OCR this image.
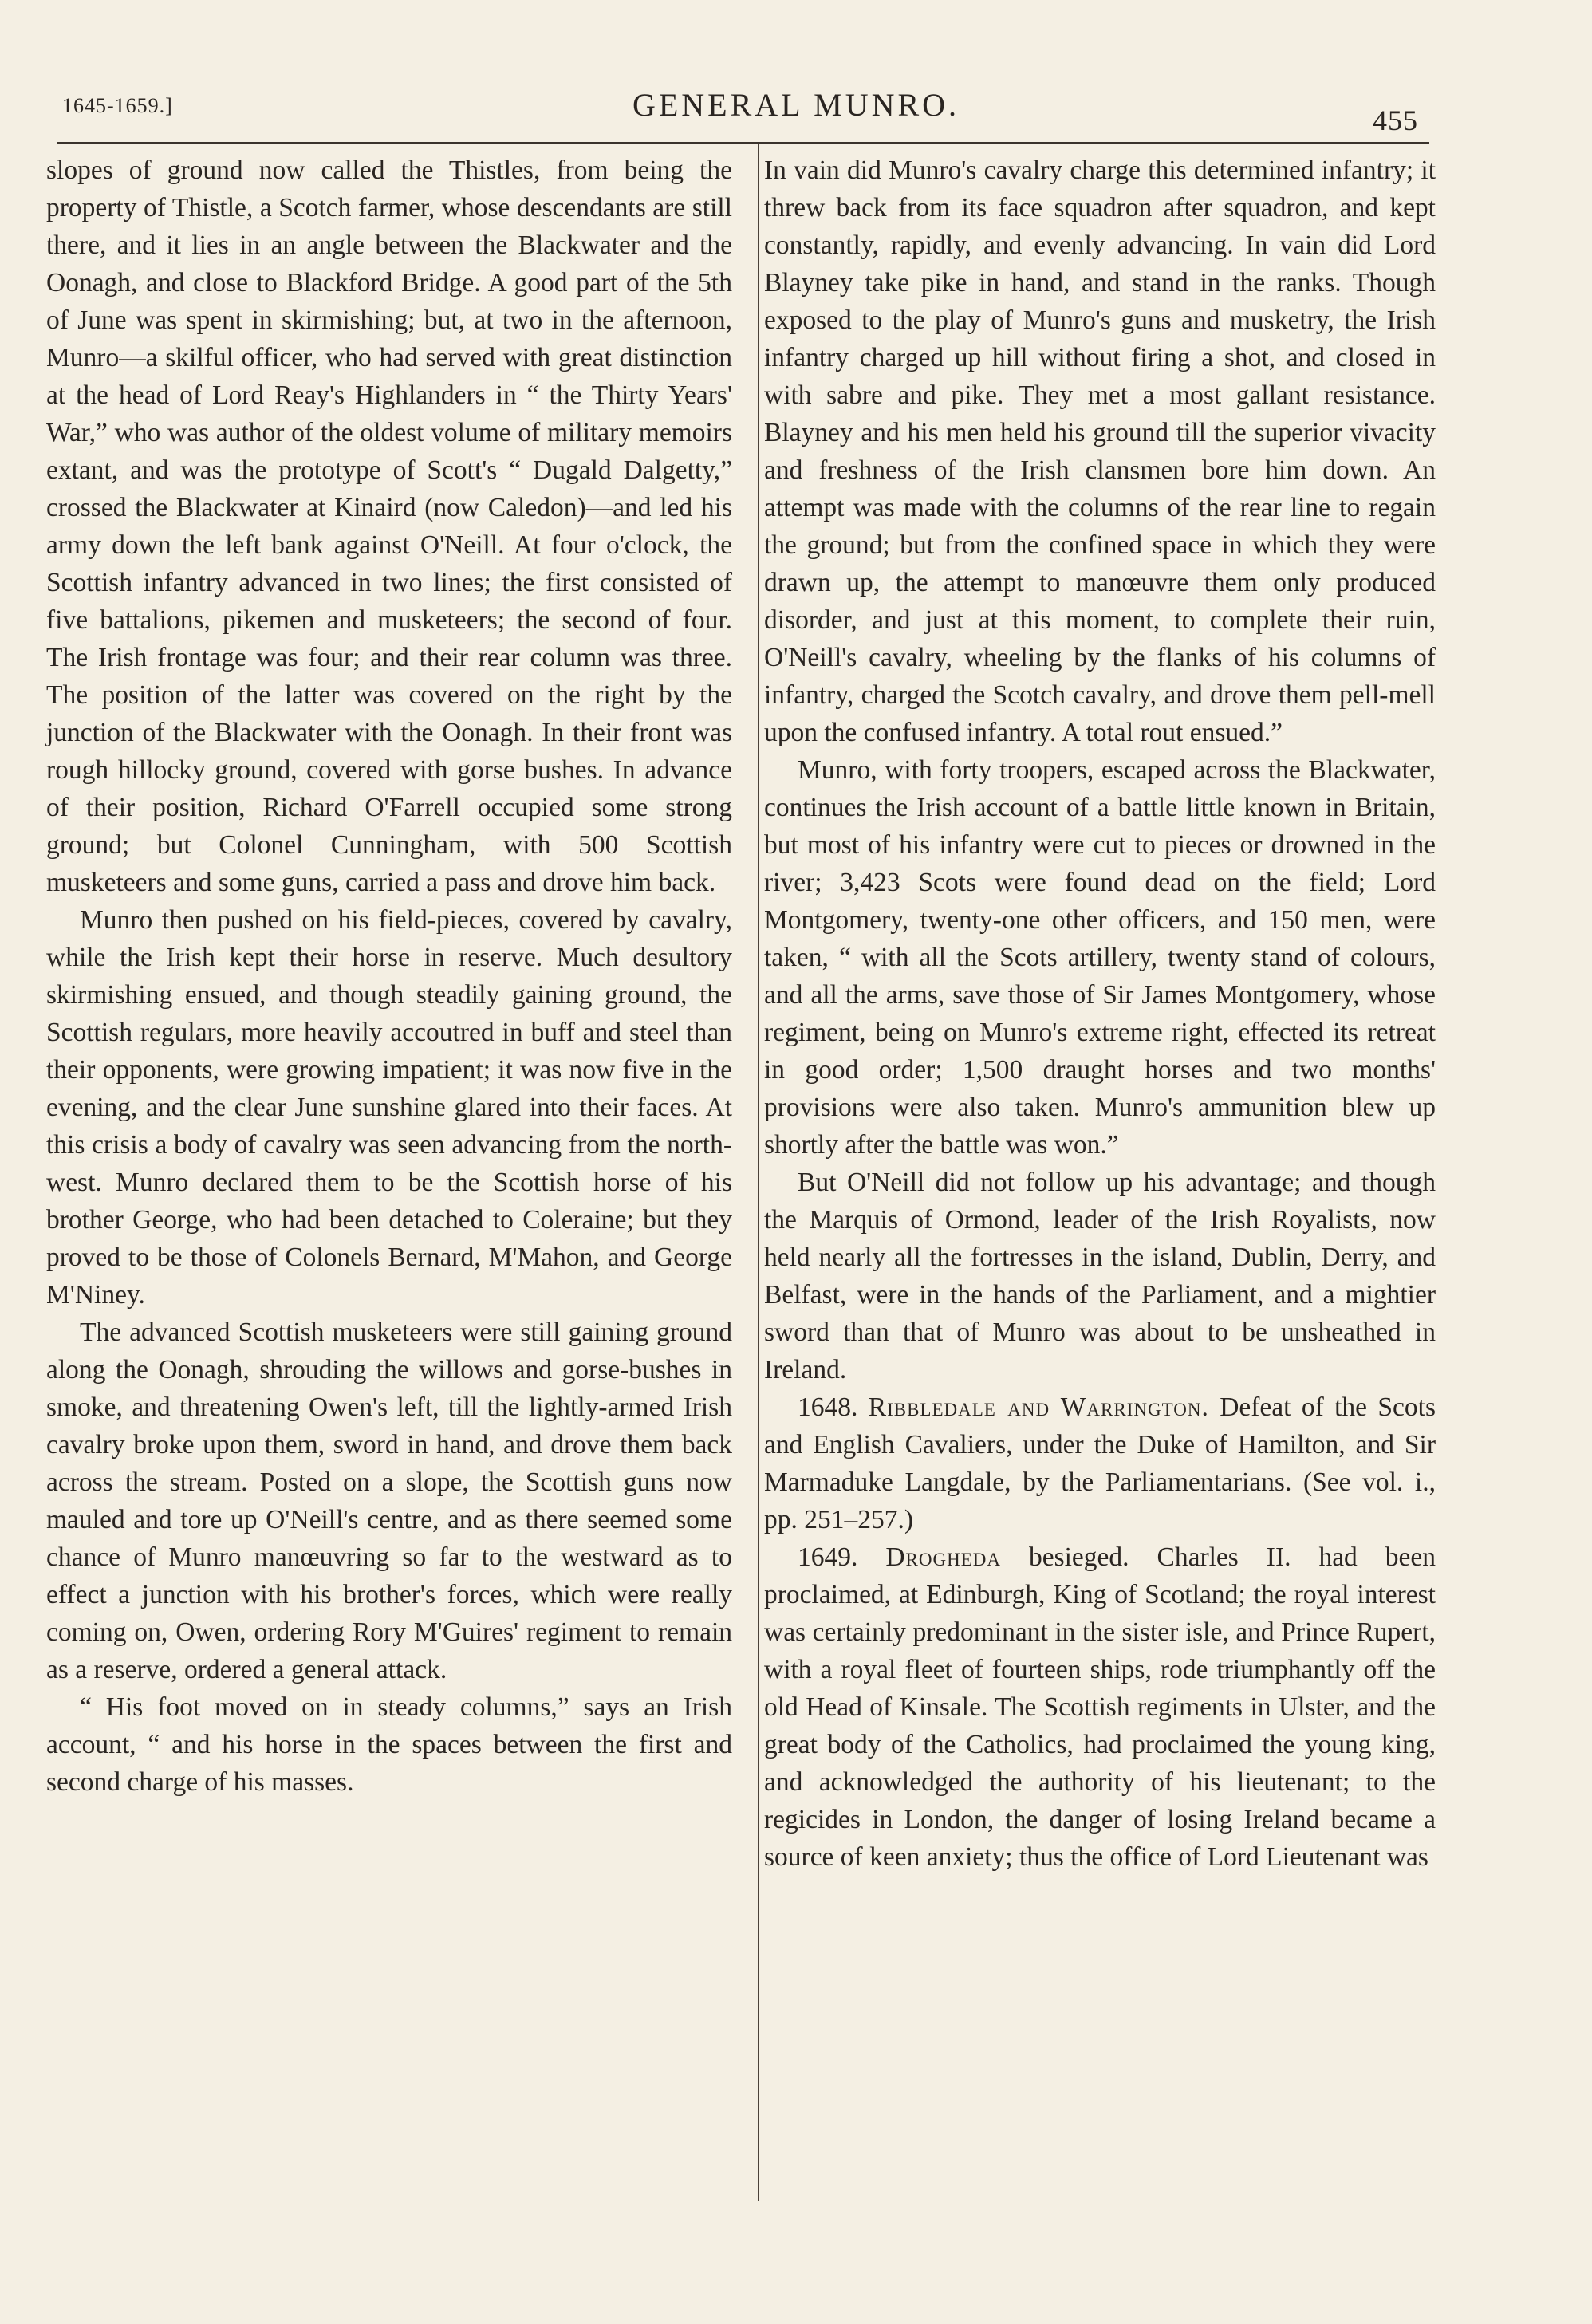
1645-1659.]	GENERAL MUNRO.	455

slopes of ground now called the Thistles, from being the property of Thistle, a Scotch farmer, whose descendants are still there, and it lies in an angle between the Blackwater and the Oonagh, and close to Blackford Bridge. A good part of the 5th of June was spent in skirmishing; but, at two in the afternoon, Munro—a skilful officer, who had served with great distinction at the head of Lord Reay's Highlanders in “ the Thirty Years' War,” who was author of the oldest volume of military memoirs extant, and was the prototype of Scott's “ Dugald Dalgetty,” crossed the Blackwater at Kinaird (now Caledon)—and led his army down the left bank against O'Neill. At four o'clock, the Scottish infantry advanced in two lines; the first consisted of five battalions, pikemen and musketeers; the second of four. The Irish frontage was four; and their rear column was three. The position of the latter was covered on the right by the junction of the Blackwater with the Oonagh. In their front was rough hillocky ground, covered with gorse bushes. In advance of their position, Richard O'Farrell occupied some strong ground; but Colonel Cunningham, with 500 Scottish musketeers and some guns, carried a pass and drove him back.

Munro then pushed on his field-pieces, covered by cavalry, while the Irish kept their horse in reserve. Much desultory skirmishing ensued, and though steadily gaining ground, the Scottish regulars, more heavily accoutred in buff and steel than their opponents, were growing impatient; it was now five in the evening, and the clear June sunshine glared into their faces. At this crisis a body of cavalry was seen advancing from the north-west. Munro declared them to be the Scottish horse of his brother George, who had been detached to Coleraine; but they proved to be those of Colonels Bernard, M'Mahon, and George M'Niney.

The advanced Scottish musketeers were still gaining ground along the Oonagh, shrouding the willows and gorse-bushes in smoke, and threatening Owen's left, till the lightly-armed Irish cavalry broke upon them, sword in hand, and drove them back across the stream. Posted on a slope, the Scottish guns now mauled and tore up O'Neill's centre, and as there seemed some chance of Munro manœuvring so far to the westward as to effect a junction with his brother's forces, which were really coming on, Owen, ordering Rory M'Guires' regiment to remain as a reserve, ordered a general attack.

“ His foot moved on in steady columns,” says an Irish account, “ and his horse in the spaces between the first and second charge of his masses.

In vain did Munro's cavalry charge this determined infantry; it threw back from its face squadron after squadron, and kept constantly, rapidly, and evenly advancing. In vain did Lord Blayney take pike in hand, and stand in the ranks. Though exposed to the play of Munro's guns and musketry, the Irish infantry charged up hill without firing a shot, and closed in with sabre and pike. They met a most gallant resistance. Blayney and his men held his ground till the superior vivacity and freshness of the Irish clansmen bore him down. An attempt was made with the columns of the rear line to regain the ground; but from the confined space in which they were drawn up, the attempt to manœuvre them only produced disorder, and just at this moment, to complete their ruin, O'Neill's cavalry, wheeling by the flanks of his columns of infantry, charged the Scotch cavalry, and drove them pell-mell upon the confused infantry. A total rout ensued.”

Munro, with forty troopers, escaped across the Blackwater, continues the Irish account of a battle little known in Britain, but most of his infantry were cut to pieces or drowned in the river; 3,423 Scots were found dead on the field; Lord Montgomery, twenty-one other officers, and 150 men, were taken, “ with all the Scots artillery, twenty stand of colours, and all the arms, save those of Sir James Montgomery, whose regiment, being on Munro's extreme right, effected its retreat in good order; 1,500 draught horses and two months' provisions were also taken. Munro's ammunition blew up shortly after the battle was won.”

But O'Neill did not follow up his advantage; and though the Marquis of Ormond, leader of the Irish Royalists, now held nearly all the fortresses in the island, Dublin, Derry, and Belfast, were in the hands of the Parliament, and a mightier sword than that of Munro was about to be unsheathed in Ireland.

1648. Ribbledale and Warrington. Defeat of the Scots and English Cavaliers, under the Duke of Hamilton, and Sir Marmaduke Langdale, by the Parliamentarians. (See vol. i., pp. 251–257.)

1649. Drogheda besieged. Charles II. had been proclaimed, at Edinburgh, King of Scotland; the royal interest was certainly predominant in the sister isle, and Prince Rupert, with a royal fleet of fourteen ships, rode triumphantly off the old Head of Kinsale. The Scottish regiments in Ulster, and the great body of the Catholics, had proclaimed the young king, and acknowledged the authority of his lieutenant; to the regicides in London, the danger of losing Ireland became a source of keen anxiety; thus the office of Lord Lieutenant was
